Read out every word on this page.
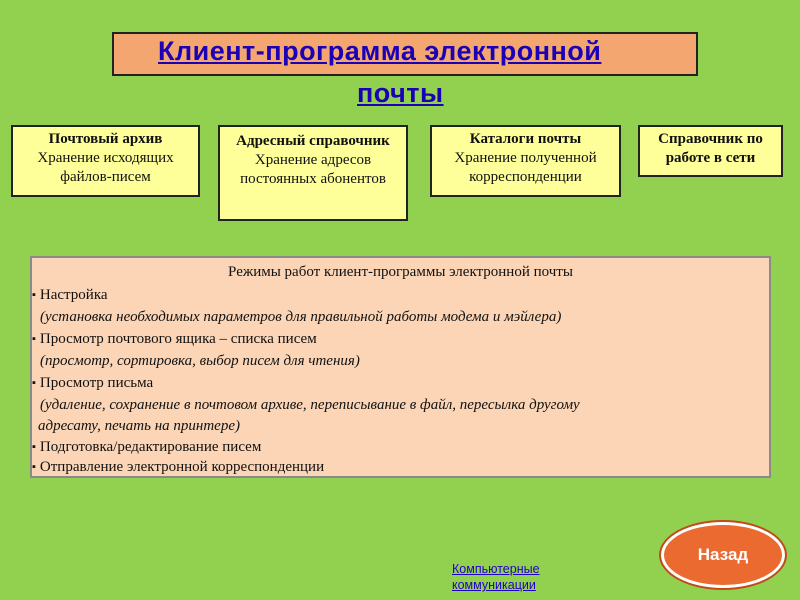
Клиент-программа электронной
почты
Почтовый архив
Хранение исходящих файлов-писем
Адресный справочник
Хранение адресов постоянных абонентов
Каталоги почты
Хранение полученной корреспонденции
Справочник по работе в сети
Режимы работ клиент-программы электронной почты
▪ Настройка
(установка необходимых параметров для правильной работы модема и мэйлера)
▪ Просмотр почтового ящика – списка писем
(просмотр, сортировка, выбор писем для чтения)
▪ Просмотр письма
(удаление, сохранение в почтовом архиве, переписывание в файл, пересылка другому
адресату, печать на принтере)
▪ Подготовка/редактирование писем
▪ Отправление электронной корреспонденции
Назад
Компьютерные коммуникации
